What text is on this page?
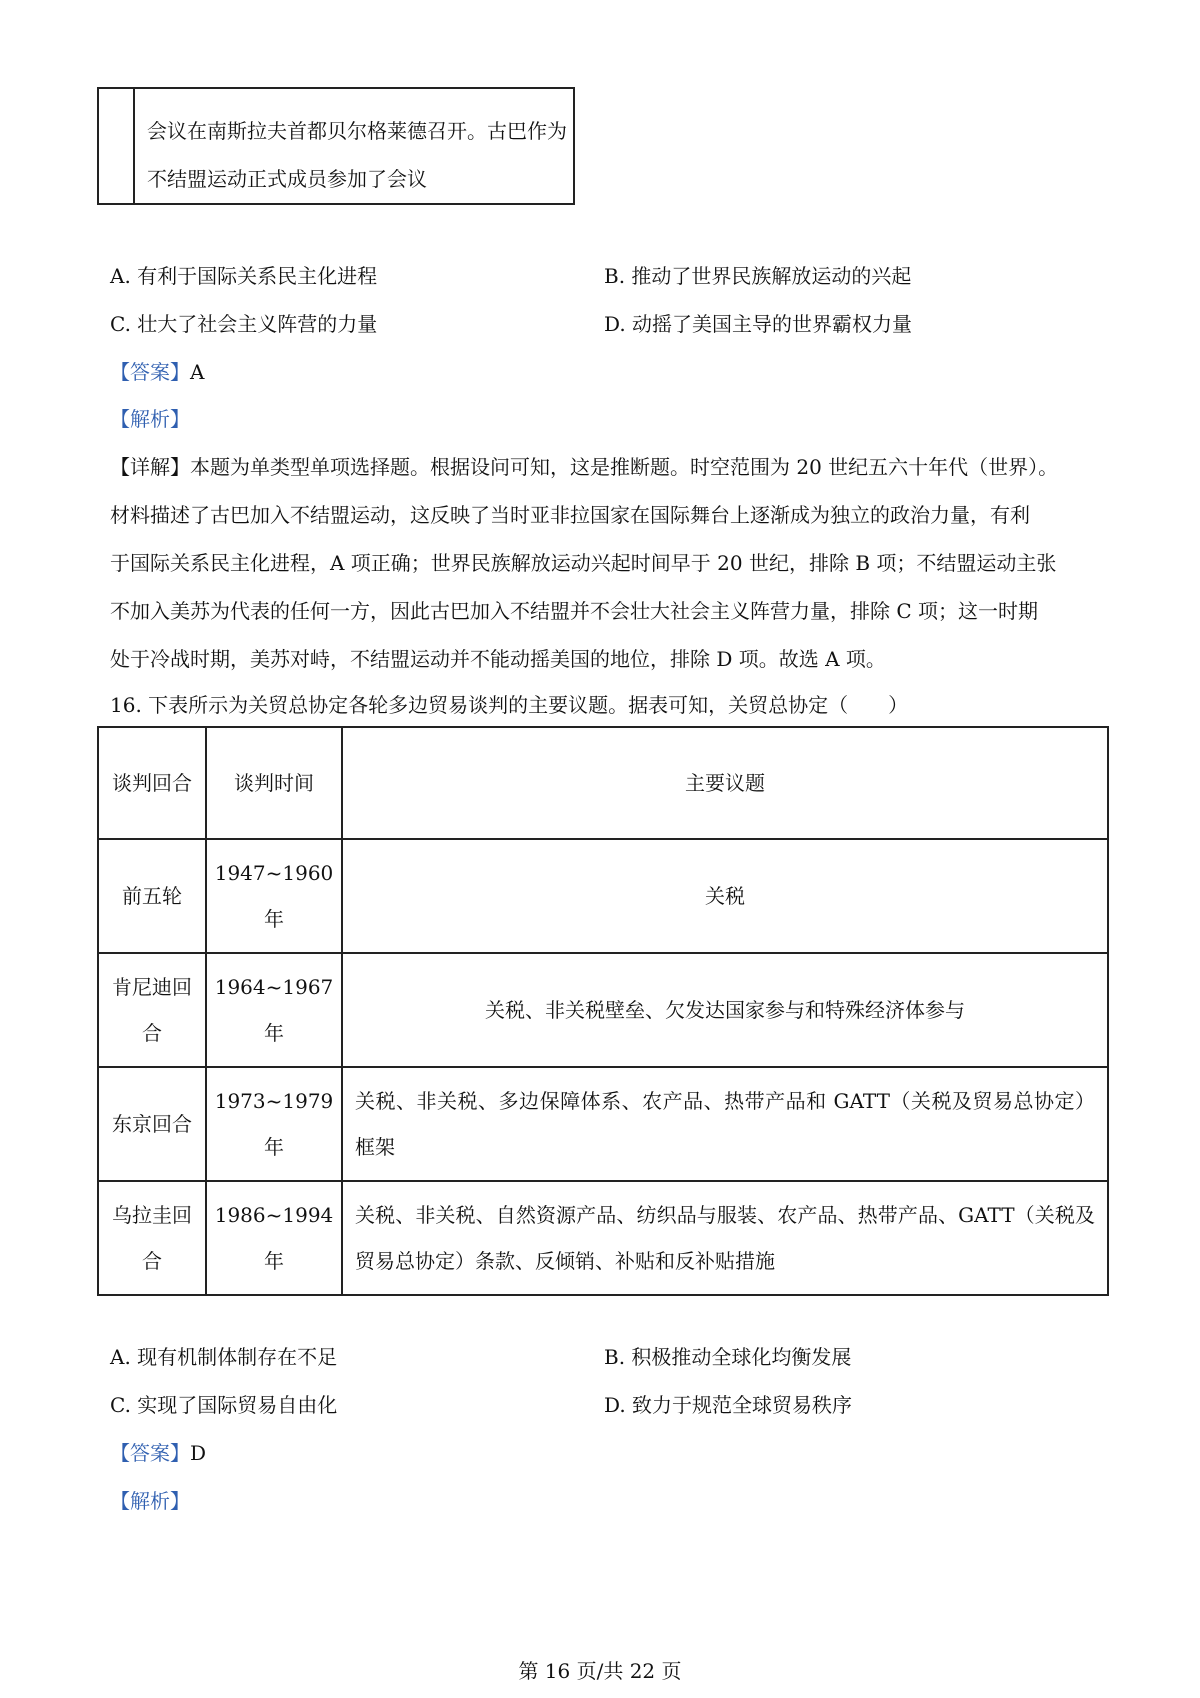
会议在南斯拉夫首都贝尔格莱德召开。古巴作为不结盟运动正式成员参加了会议
A. 有利于国际关系民主化进程	B. 推动了世界民族解放运动的兴起
C. 壮大了社会主义阵营的力量	D. 动摇了美国主导的世界霸权力量
【答案】A
【解析】
【详解】本题为单类型单项选择题。根据设问可知，这是推断题。时空范围为 20 世纪五六十年代（世界）。
材料描述了古巴加入不结盟运动，这反映了当时亚非拉国家在国际舞台上逐渐成为独立的政治力量，有利
于国际关系民主化进程，A 项正确；世界民族解放运动兴起时间早于 20 世纪，排除 B 项；不结盟运动主张
不加入美苏为代表的任何一方，因此古巴加入不结盟并不会壮大社会主义阵营力量，排除 C 项；这一时期
处于冷战时期，美苏对峙，不结盟运动并不能动摇美国的地位，排除 D 项。故选 A 项。
16. 下表所示为关贸总协定各轮多边贸易谈判的主要议题。据表可知，关贸总协定（　　）
谈判回合	谈判时间	主要议题
前五轮	1947~1960 年	关税
肯尼迪回合	1964~1967 年	关税、非关税壁垒、欠发达国家参与和特殊经济体参与
东京回合	1973~1979 年	关税、非关税、多边保障体系、农产品、热带产品和 GATT（关税及贸易总协定）框架
乌拉圭回合	1986~1994 年	关税、非关税、自然资源产品、纺织品与服装、农产品、热带产品、GATT（关税及贸易总协定）条款、反倾销、补贴和反补贴措施
A. 现有机制体制存在不足	B. 积极推动全球化均衡发展
C. 实现了国际贸易自由化	D. 致力于规范全球贸易秩序
【答案】D
【解析】
第 16 页/共 22 页
